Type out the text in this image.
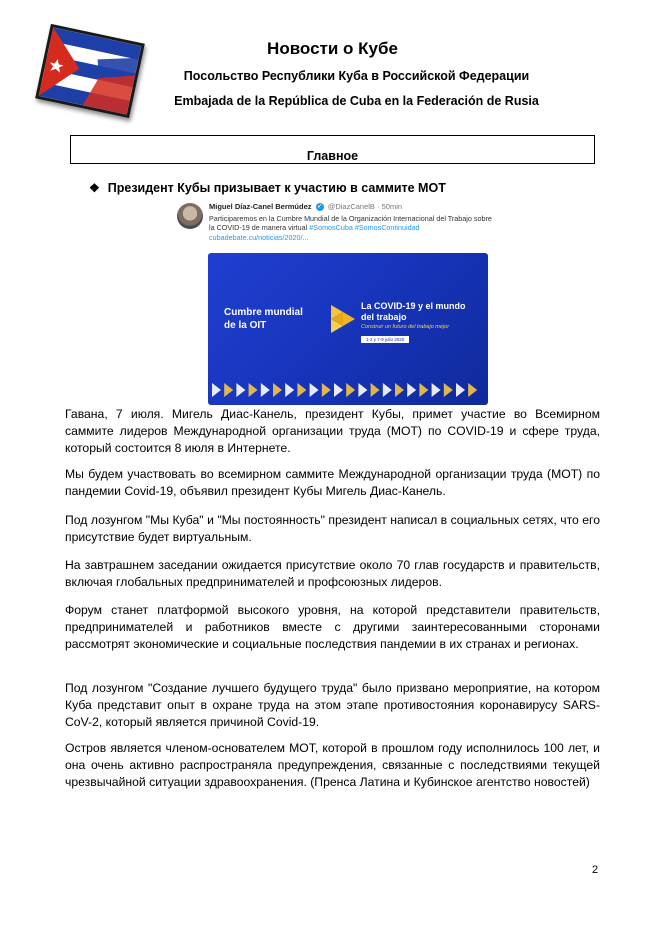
Новости о Кубе
Посольство Республики Куба в Российской Федерации
Embajada de la República de Cuba en la Federación de Rusia
Главное
❖ Президент Кубы призывает к участию в саммите МОТ
Miguel Díaz-Canel Bermúdez ✓ @DiazCanelB · 50min
Participaremos en la Cumbre Mundial de la Organización Internacional del Trabajo sobre la COVID-19 de manera virtual #SomosCuba #SomosContinuidad cubadebate.cu/noticias/2020/...
Cumbre mundial de la OIT
La COVID-19 y el mundo del trabajo
Construir un futuro del trabajo mejor
1-2 y 7-9 julio 2020

Гавана, 7 июля. Мигель Диас-Канель, президент Кубы, примет участие во Всемирном саммите лидеров Международной организации труда (МОТ) по COVID-19 и сфере труда, который состоится 8 июля в Интернете.

Мы будем участвовать во всемирном саммите Международной организации труда (МОТ) по пандемии Covid-19, объявил президент Кубы Мигель Диас-Канель.

Под лозунгом "Мы Куба" и "Мы постоянность" президент написал в социальных сетях, что его присутствие будет виртуальным.

На завтрашнем заседании ожидается присутствие около 70 глав государств и правительств, включая глобальных предпринимателей и профсоюзных лидеров.

Форум станет платформой высокого уровня, на которой представители правительств, предпринимателей и работников вместе с другими заинтересованными сторонами рассмотрят экономические и социальные последствия пандемии в их странах и регионах.

Под лозунгом "Создание лучшего будущего труда" было призвано мероприятие, на котором Куба представит опыт в охране труда на этом этапе противостояния коронавирусу SARS-CoV-2, который является причиной Covid-19.

Остров является членом-основателем МОТ, которой в прошлом году исполнилось 100 лет, и она очень активно распространяла предупреждения, связанные с последствиями текущей чрезвычайной ситуации здравоохранения. (Пренса Латина и Кубинское агентство новостей)

2
